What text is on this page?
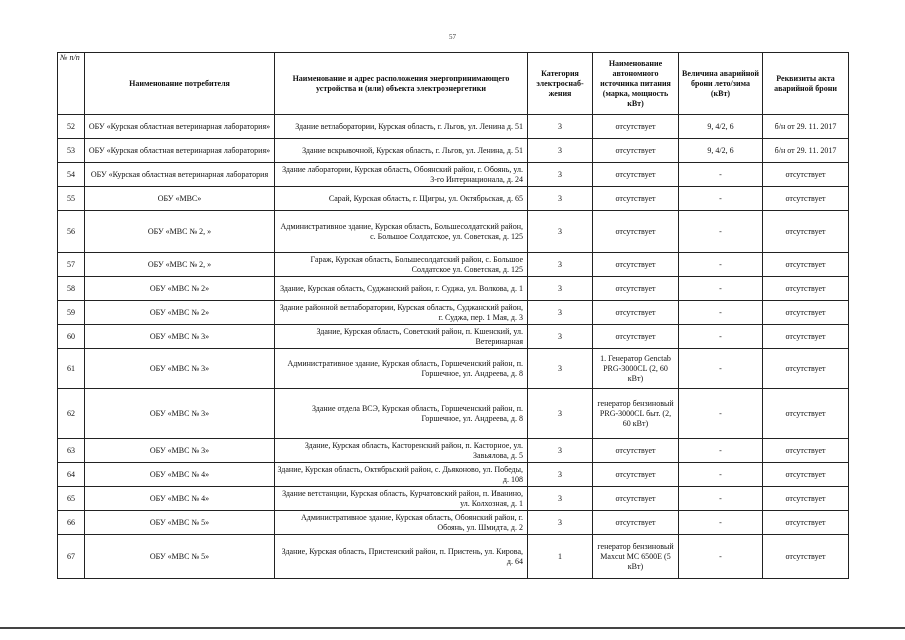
57
№ п/п	Наименование потребителя	Наименование и адрес расположения энергопринимающего устройства и (или) объекта электроэнергетики	Категория электроснаб-жения	Наименование автономного источника питания (марка, мощность кВт)	Величина аварийной брони лето/зима (кВт)	Реквизиты акта аварийной брони
52	ОБУ «Курская областная ветеринарная лаборатория»	Здание ветлаборатории, Курская область, г. Льгов, ул. Ленина д. 51	3	отсутствует	9, 4/2, 6	б/н от 29. 11. 2017
53	ОБУ «Курская областная ветеринарная лаборатория»	Здание вскрывочной, Курская область, г. Льгов, ул. Ленина, д. 51	3	отсутствует	9, 4/2, 6	б/н от 29. 11. 2017
54	ОБУ «Курская областная ветеринарная лаборатория	Здание лаборатории, Курская область, Обоянский район, г. Обоянь, ул. 3-го Интернационала, д. 24	3	отсутствует	-	отсутствует
55	ОБУ «МВС»	Сарай, Курская область, г. Щигры, ул. Октябрьская, д. 65	3	отсутствует	-	отсутствует
56	ОБУ «МВС № 2, »	Административное здание, Курская область, Большесолдатский район, с. Большое Солдатское, ул. Советская, д. 125	3	отсутствует	-	отсутствует
57	ОБУ «МВС № 2, »	Гараж, Курская область, Большесолдатский район, с. Большое Солдатское ул. Советская, д. 125	3	отсутствует	-	отсутствует
58	ОБУ «МВС № 2»	Здание, Курская область, Суджанский район, г. Суджа, ул. Волкова, д. 1	3	отсутствует	-	отсутствует
59	ОБУ «МВС № 2»	Здание районной ветлаборатории, Курская область, Суджанский район, г. Суджа, пер. 1 Мая, д. 3	3	отсутствует	-	отсутствует
60	ОБУ «МВС № 3»	Здание, Курская область, Советский район, п. Кшенский, ул. Ветеринарная	3	отсутствует	-	отсутствует
61	ОБУ «МВС № 3»	Административное здание, Курская область, Горшеченский район, п. Горшечное, ул. Андреева, д. 8	3	1. Генератор Genctab PRG-3000CL (2, 60 кВт)	-	отсутствует
62	ОБУ «МВС № 3»	Здание отдела ВСЭ, Курская область, Горшеченский район, п. Горшечное, ул. Андреева, д. 8	3	генератор бензиновый PRG-3000CL быт. (2, 60 кВт)	-	отсутствует
63	ОБУ «МВС № 3»	Здание, Курская область, Касторенский район, п. Касторное, ул. Завьялова, д. 5	3	отсутствует	-	отсутствует
64	ОБУ «МВС № 4»	Здание, Курская область, Октябрьский район, с. Дьяконово, ул. Победы, д. 108	3	отсутствует	-	отсутствует
65	ОБУ «МВС № 4»	Здание ветстанции, Курская область, Курчатовский район, п. Иванино, ул. Колхозная, д. 1	3	отсутствует	-	отсутствует
66	ОБУ «МВС № 5»	Административное здание, Курская область, Обоянский район, г. Обоянь, ул. Шмидта, д. 2	3	отсутствует	-	отсутствует
67	ОБУ «МВС № 5»	Здание, Курская область, Пристенский район, п. Пристень, ул. Кирова, д. 64	1	генератор бензиновый Maxcut MC 6500E (5 кВт)	-	отсутствует
